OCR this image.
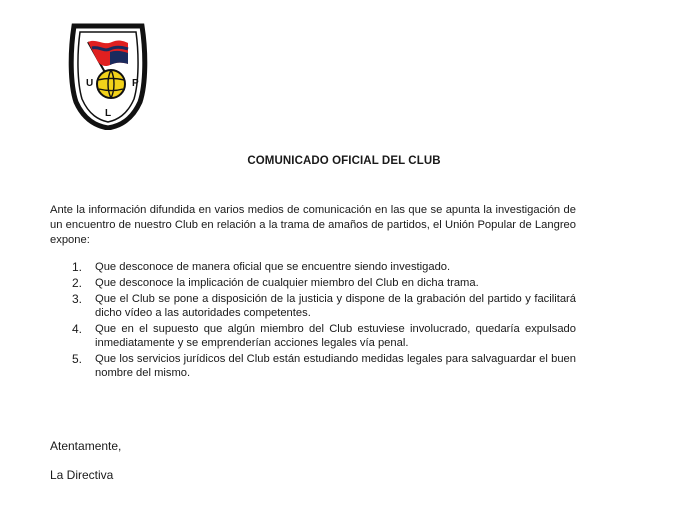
U	P
L
COMUNICADO OFICIAL DEL CLUB

Ante la información difundida en varios medios de comunicación en las que se apunta la investigación de un encuentro de nuestro Club en relación a la trama de amaños de partidos, el Unión Popular de Langreo expone:

1. Que desconoce de manera oficial que se encuentre siendo investigado.
2. Que desconoce la implicación de cualquier miembro del Club en dicha trama.
3. Que el Club se pone a disposición de la justicia y dispone de la grabación del partido y facilitará dicho vídeo a las autoridades competentes.
4. Que en el supuesto que algún miembro del Club estuviese involucrado, quedaría expulsado inmediatamente y se emprenderían acciones legales vía penal.
5. Que los servicios jurídicos del Club están estudiando medidas legales para salvaguardar el buen nombre del mismo.
Atentamente,
La Directiva
